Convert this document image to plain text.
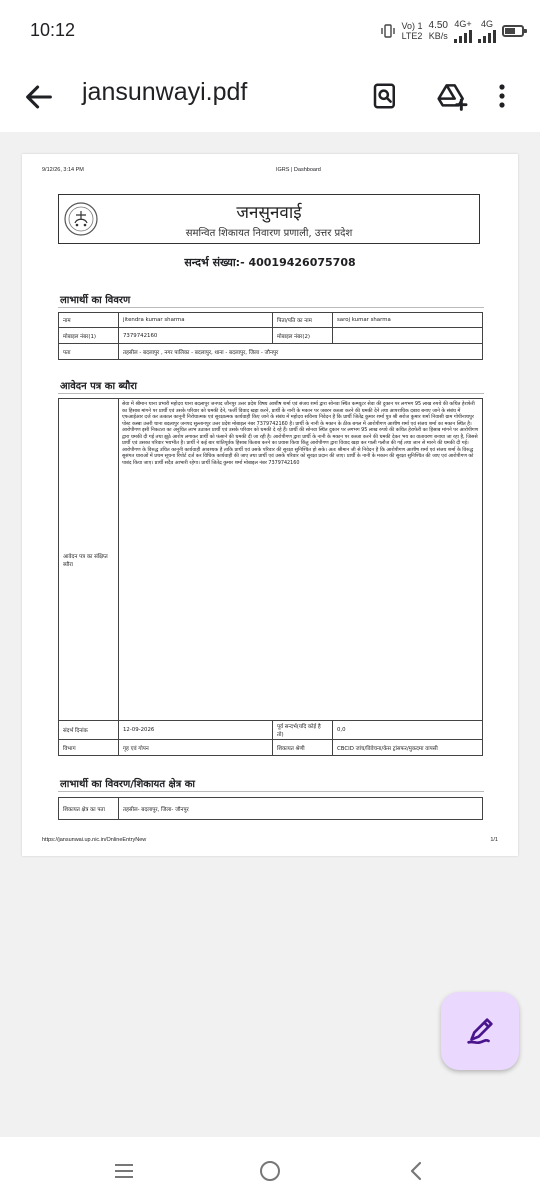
10:12	Vo) 1
LTE2
4.50
KB/s
4G+	4G
jansunwayi.pdf
9/12/26, 3:14 PM	IGRS | Dashboard
जनसुनवाई
समन्वित शिकायत निवारण प्रणाली, उत्तर प्रदेश
सन्दर्भ संख्या:- 40019426075708
लाभार्थी का विवरण
नाम	jitendra kumar sharma	पिता/पति का नाम	saroj kumar sharma
मोबाइल नंबर(1)	7379742160	मोबाइल नंबर(2)	
पता	तहसील - बदलापुर , नगर पालिका - बदलापुर, थाना - बदलापुर, जिला - जौनपुर		
आवेदन पत्र का ब्यौरा
आवेदन पत्र का संक्षिप्त ब्यौरा	सेवा में श्रीमान थाना प्रभारी महोदय थाना बदलापुर जनपद जौनपुर उत्तर प्रदेश विषय आशीष शर्मा एवं संजय शर्मा द्वारा सोनवा स्थित कम्प्यूटर सेवा की दुकान पर लगभग 95 लाख रुपये की कथित हेराफेरी का हिसाब मांगने पर प्रार्थी एवं उसके परिवार को धमकी देने, फर्जी विवाद खड़ा करने, प्रार्थी के नानी के मकान पर जबरन कब्जा करने की धमकी देने तथा आपराधिक दबाव बनाए जाने के संबंध में एफआईआर दर्ज कर तत्काल कानूनी निरोधात्मक एवं सुरक्षात्मक कार्यवाही किए जाने के संबंध में महोदय सविनय निवेदन है कि प्रार्थी जितेंद्र कुमार शर्मा पुत्र श्री सरोज कुमार शर्मा निवासी ग्राम गोपीनाथपुर पोस्ट कस्बा उत्तरी थाना बदलापुर जनपद सुल्तानपुर उत्तर प्रदेश मोबाइल नंबर 7379742160 है। प्रार्थी के नानी के मकान के ठीक बगल में आरोपीगण आशीष शर्मा एवं संजय शर्मा का मकान स्थित है। आरोपीगण इसी निकटता का अनुचित लाभ उठाकर प्रार्थी एवं उसके परिवार को धमकी दे रहे हैं। प्रार्थी की सोनवा स्थित दुकान पर लगभग 95 लाख रुपये की कथित हेराफेरी का हिसाब मांगने पर आरोपीगण द्वारा धमकी दी गई तथा झूठे आरोप लगाकर प्रार्थी को फंसाने की धमकी दी जा रही है। आरोपीगण द्वारा प्रार्थी के नानी के मकान पर कब्जा करने की धमकी देकर भय का वातावरण बनाया जा रहा है, जिससे प्रार्थी एवं उसका परिवार भयभीत है। प्रार्थी ने कई बार शांतिपूर्वक हिसाब किताब करने का प्रयास किया किंतु आरोपीगण द्वारा विवाद खड़ा कर गाली गलौज की गई तथा जान से मारने की धमकी दी गई। आरोपीगण के विरुद्ध उचित कानूनी कार्यवाही आवश्यक है ताकि प्रार्थी एवं उसके परिवार की सुरक्षा सुनिश्चित हो सके। अतः श्रीमान जी से निवेदन है कि आरोपीगण आशीष शर्मा एवं संजय शर्मा के विरुद्ध सुसंगत धाराओं में प्रथम सूचना रिपोर्ट दर्ज कर विधिक कार्यवाही की जाए तथा प्रार्थी एवं उसके परिवार को सुरक्षा प्रदान की जाए। प्रार्थी के नानी के मकान की सुरक्षा सुनिश्चित की जाए एवं आरोपीगण को पाबंद किया जाए। प्रार्थी सदैव आभारी रहेगा। प्रार्थी जितेंद्र कुमार शर्मा मोबाइल नंबर 7379742160		
संदर्भ दिनांक	12-09-2026	पूर्व सन्दर्भ(यदि कोई है तो)	0,0
विभाग	गृह एवं गोपन	शिकायत श्रेणी	CBCID जांच/विवेचना/केस ट्रांसफर/मुकदमा वापसी
लाभार्थी का विवरण/शिकायत क्षेत्र का
शिकायत क्षेत्र का पता	तहसील- बदलापुर, जिला- जौनपुर
https://jansunwai.up.nic.in/OnlineEntryNew	1/1
